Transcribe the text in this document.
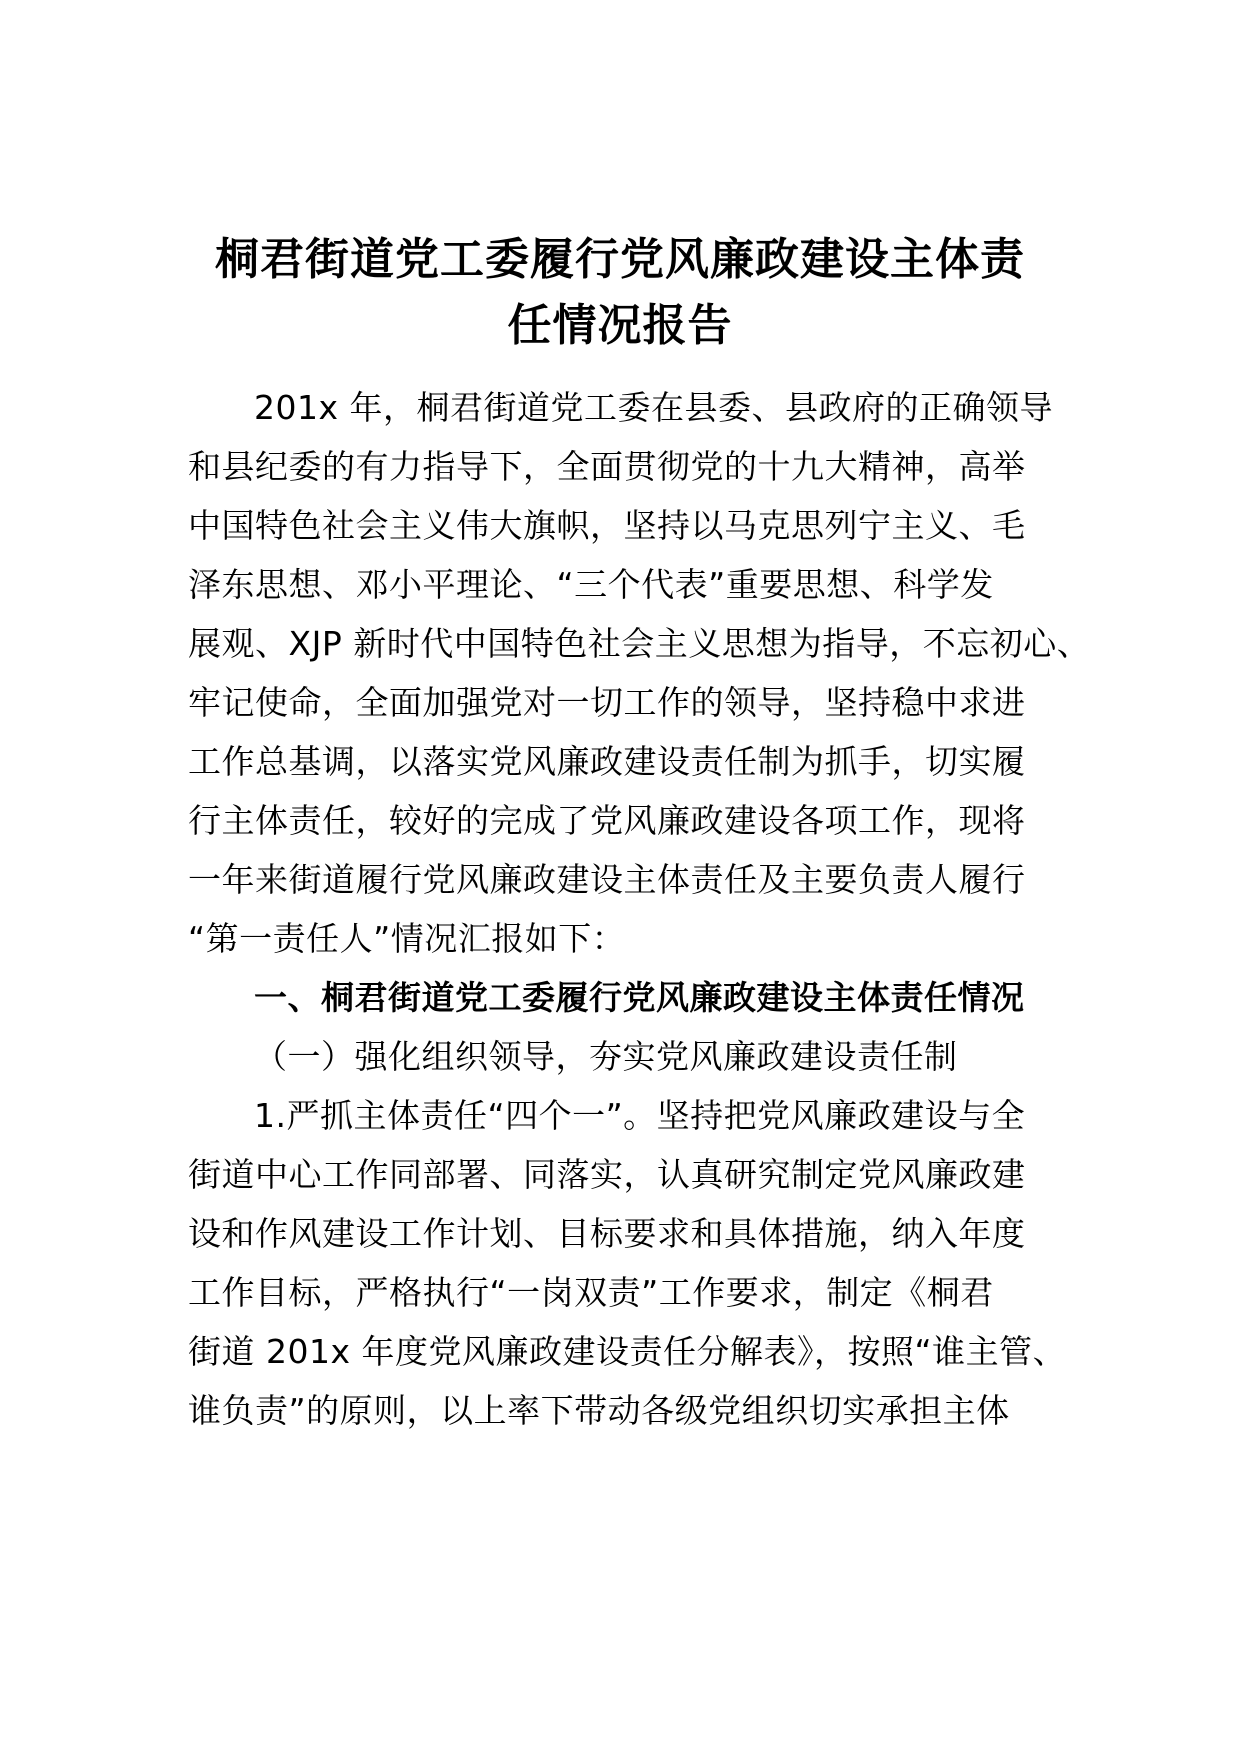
桐君街道党工委履行党风廉政建设主体责
任情况报告
201x 年，桐君街道党工委在县委、县政府的正确领导
和县纪委的有力指导下，全面贯彻党的十九大精神，高举
中国特色社会主义伟大旗帜，坚持以马克思列宁主义、毛
泽东思想、邓小平理论、“三个代表”重要思想、科学发
展观、XJP 新时代中国特色社会主义思想为指导，不忘初心、
牢记使命，全面加强党对一切工作的领导，坚持稳中求进
工作总基调，以落实党风廉政建设责任制为抓手，切实履
行主体责任，较好的完成了党风廉政建设各项工作，现将
一年来街道履行党风廉政建设主体责任及主要负责人履行
“第一责任人”情况汇报如下：
一、桐君街道党工委履行党风廉政建设主体责任情况
（一）强化组织领导，夯实党风廉政建设责任制
1.严抓主体责任“四个一”。坚持把党风廉政建设与全
街道中心工作同部署、同落实，认真研究制定党风廉政建
设和作风建设工作计划、目标要求和具体措施，纳入年度
工作目标，严格执行“一岗双责”工作要求，制定《桐君
街道 201x 年度党风廉政建设责任分解表》，按照“谁主管、
谁负责”的原则，以上率下带动各级党组织切实承担主体
